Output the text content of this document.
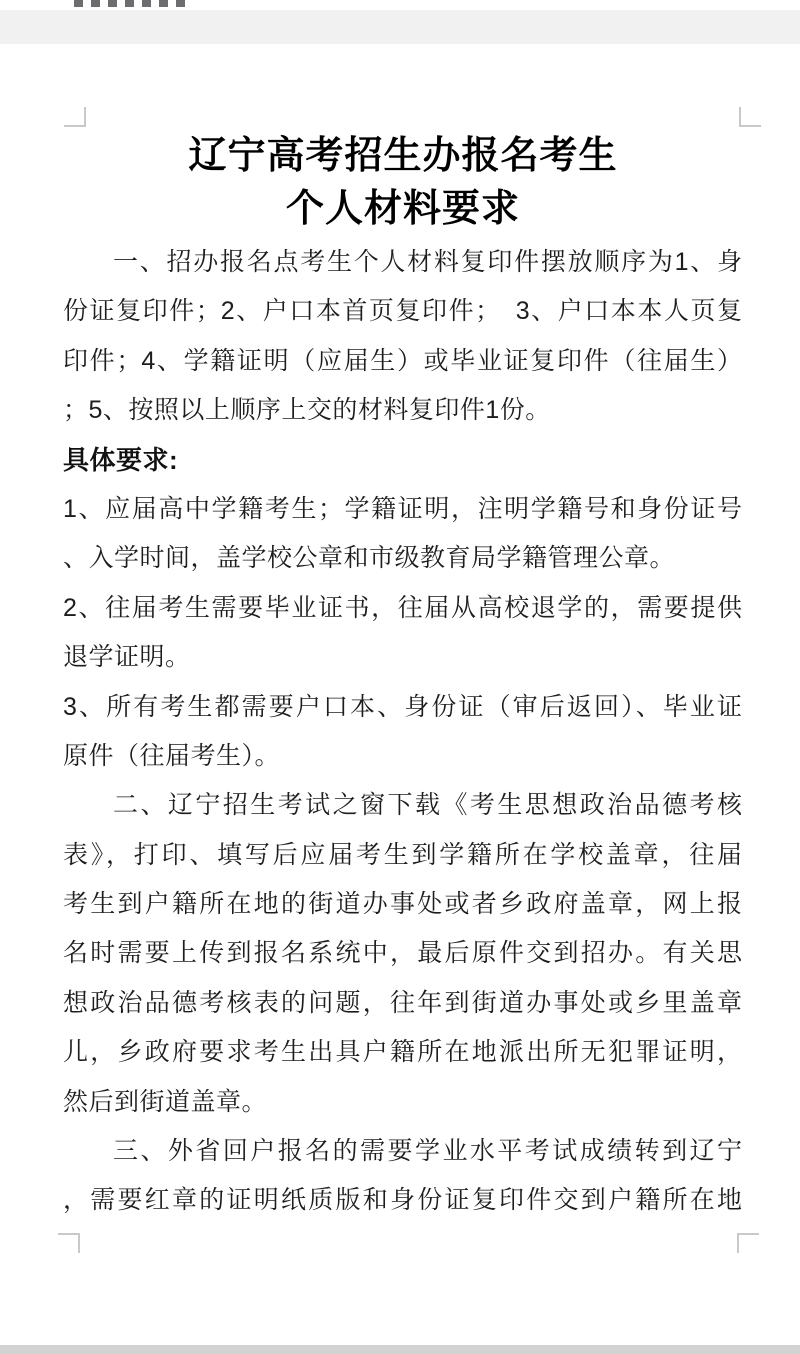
辽宁高考招生办报名考生
个人材料要求
一、招办报名点考生个人材料复印件摆放顺序为1、身
份证复印件；2、户口本首页复印件；　3、户口本本人页复
印件；4、学籍证明（应届生）或毕业证复印件（往届生）
；5、按照以上顺序上交的材料复印件1份。
具体要求:
1、应届高中学籍考生；学籍证明，注明学籍号和身份证号
、入学时间，盖学校公章和市级教育局学籍管理公章。
2、往届考生需要毕业证书，往届从高校退学的，需要提供
退学证明。
3、所有考生都需要户口本、身份证（审后返回）、毕业证
原件（往届考生）。
二、辽宁招生考试之窗下载《考生思想政治品德考核
表》，打印、填写后应届考生到学籍所在学校盖章，往届
考生到户籍所在地的街道办事处或者乡政府盖章，网上报
名时需要上传到报名系统中，最后原件交到招办。有关思
想政治品德考核表的问题，往年到街道办事处或乡里盖章
儿，乡政府要求考生出具户籍所在地派出所无犯罪证明，
然后到街道盖章。
三、外省回户报名的需要学业水平考试成绩转到辽宁
，需要红章的证明纸质版和身份证复印件交到户籍所在地
